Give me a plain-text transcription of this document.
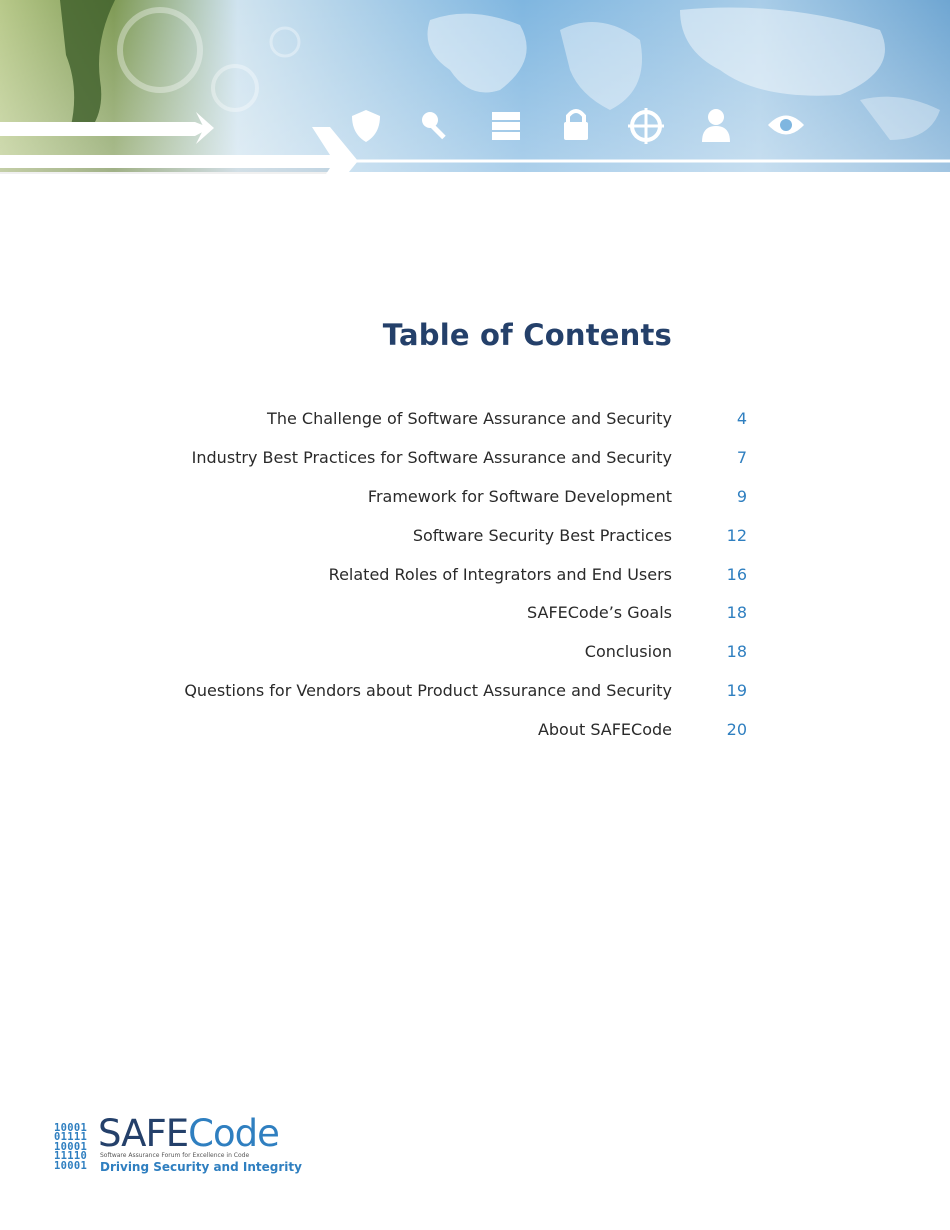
Table of Contents
The Challenge of Software Assurance and Security	4
Industry Best Practices for Software Assurance and Security	7
Framework for Software Development	9
Software Security Best Practices	12
Related Roles of Integrators and End Users	16
SAFECode’s Goals	18
Conclusion	18
Questions for Vendors about Product Assurance and Security	19
About SAFECode	20
10001
01111
10001
11110
10001
SAFECode
Software Assurance Forum for Excellence in Code
Driving Security and Integrity
